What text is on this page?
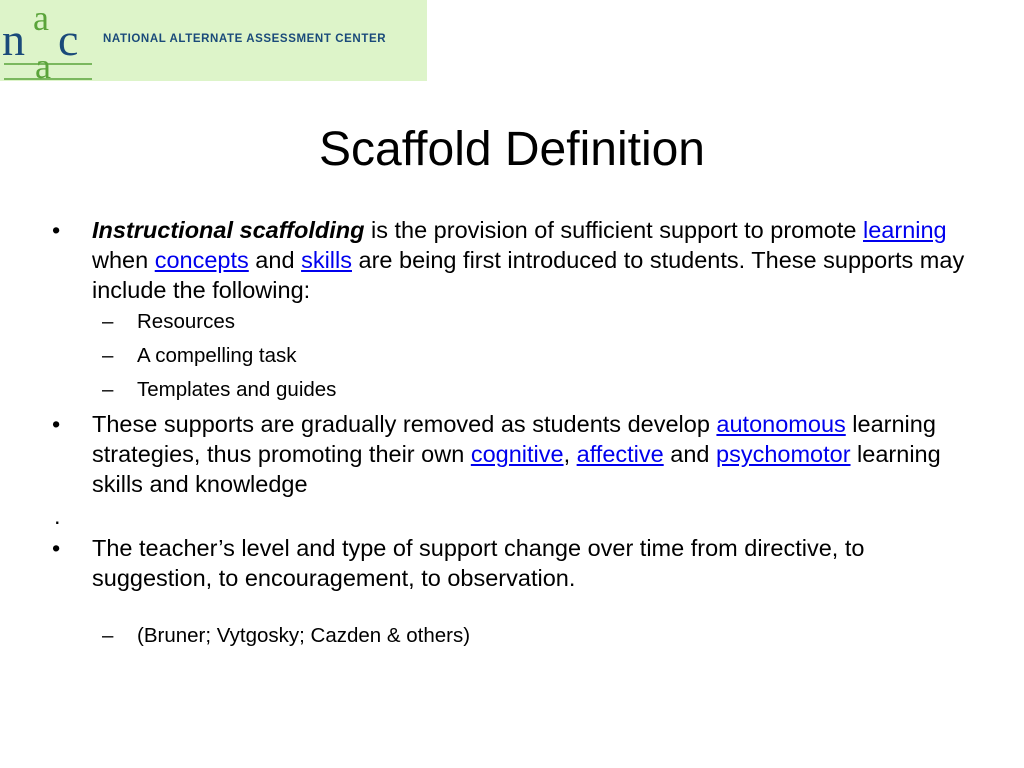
n a
a
c NATIONAL ALTERNATE ASSESSMENT CENTER
Scaffold Definition
• Instructional scaffolding is the provision of sufficient support to promote learning when concepts and skills are being first introduced to students. These supports may include the following:
– Resources
– A compelling task
– Templates and guides
• These supports are gradually removed as students develop autonomous learning strategies, thus promoting their own cognitive, affective and psychomotor learning skills and knowledge
.
• The teacher’s level and type of support change over time from directive, to suggestion, to encouragement, to observation.
– (Bruner; Vytgosky; Cazden & others)
